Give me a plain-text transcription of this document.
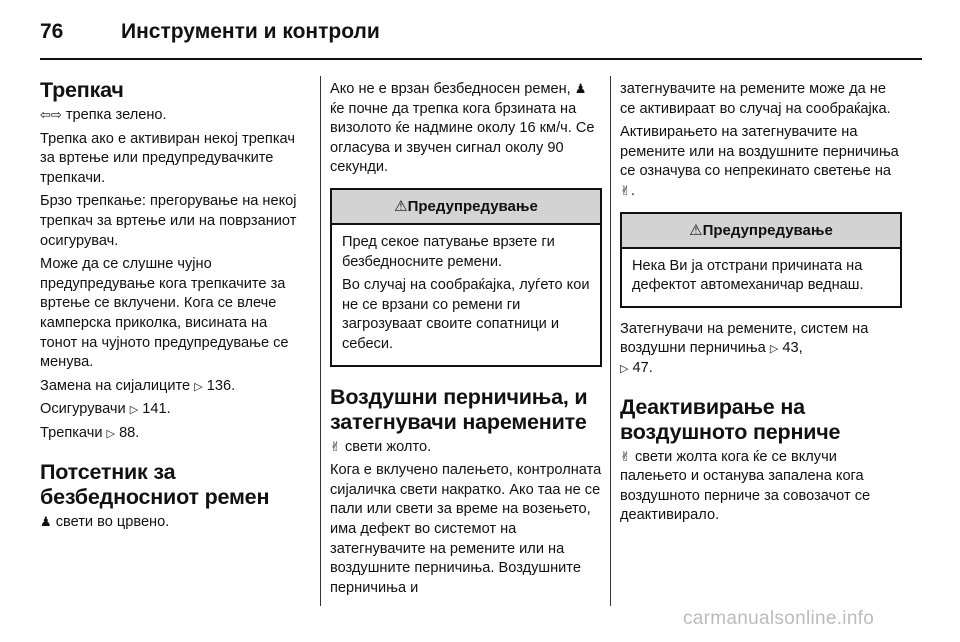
76	Инструменти и контроли
Трепкач

⇦⇨ трепка зелено.

Трепка ако е активиран некој трепкач за вртење или предупредувачките трепкачи.

Брзо трепкање: прегорување на некој трепкач за вртење или на поврзаниот осигурувач.

Може да се слушне чујно предупредување кога трепкачите за вртење се вклучени. Кога се влече камперска приколка, висината на тонот на чујното предупредување се менува.

Замена на сијалиците ▷ 136.

Осигурувачи ▷ 141.

Трепкачи ▷ 88.

Потсетник за безбедносниот ремен

♟ свети во црвено.

Ако не е врзан безбедносен ремен, ♟ ќе почне да трепка кога брзината на визолото ќе надмине околу 16 км/ч. Се огласува и звучен сигнал околу 90 секунди.

⚠Предупредување

Пред секое патување врзете ги безбедносните ремени.

Во случај на сообраќајка, луѓето кои не се врзани со ремени ги загрозуваат своите сопатници и себеси.

Воздушни перничиња, и затегнувачи наремените

✌ свети жолто.

Кога е вклучено палењето, контролната сијаличка свети накратко. Ако таа не се пали или свети за време на возењето, има дефект во системот на затегнувачите на ремените или на воздушните перничиња. Воздушните перничиња и

затегнувачите на ремените може да не се активираат во случај на сообраќајка.

Активирањето на затегнувачите на ремените или на воздушните перничиња се означува со непрекинато светење на ✌.

⚠Предупредување

Нека Ви ја отстрани причината на дефектот автомеханичар веднаш.

Затегнувачи на ремените, систем на воздушни перничиња ▷ 43,
▷ 47.

Деактивирање на воздушното перниче

✌ свети жолта кога ќе се вклучи палењето и останува запалена кога воздушното перниче за совозачот се деактивирало.

carmanualsonline.info
